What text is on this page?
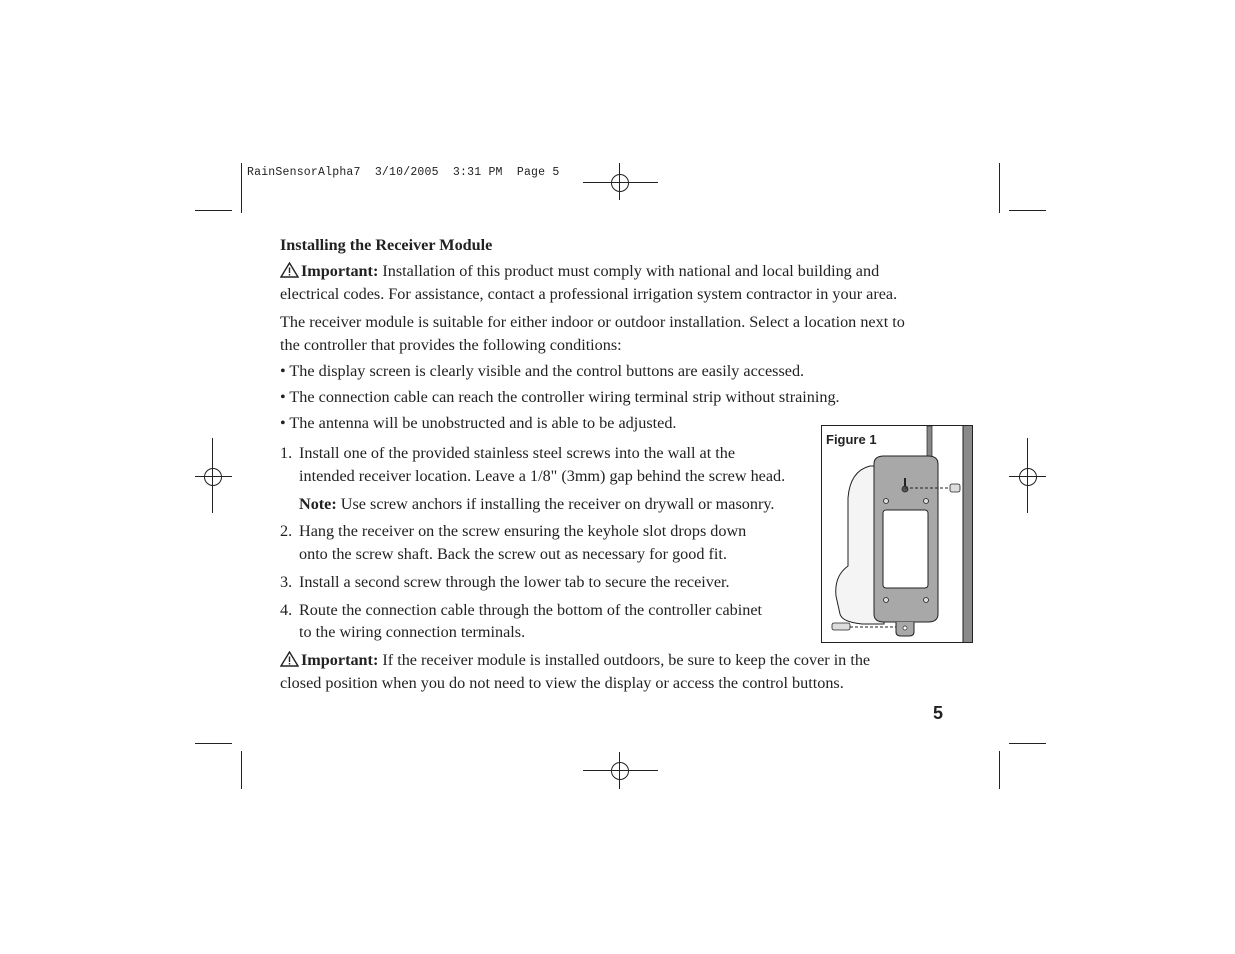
RainSensorAlpha7  3/10/2005  3:31 PM  Page 5
Installing the Receiver Module
Important: Installation of this product must comply with national and local building and
electrical codes. For assistance, contact a professional irrigation system contractor in your area.
The receiver module is suitable for either indoor or outdoor installation. Select a location next to
the controller that provides the following conditions:
• The display screen is clearly visible and the control buttons are easily accessed.
• The connection cable can reach the controller wiring terminal strip without straining.
• The antenna will be unobstructed and is able to be adjusted.
1. Install one of the provided stainless steel screws into the wall at the
intended receiver location. Leave a 1/8" (3mm) gap behind the screw head.
Note: Use screw anchors if installing the receiver on drywall or masonry.
2. Hang the receiver on the screw ensuring the keyhole slot drops down
onto the screw shaft. Back the screw out as necessary for good fit.
3. Install a second screw through the lower tab to secure the receiver.
4. Route the connection cable through the bottom of the controller cabinet
to the wiring connection terminals.
Important: If the receiver module is installed outdoors, be sure to keep the cover in the
closed position when you do not need to view the display or access the control buttons.
Figure 1
5
